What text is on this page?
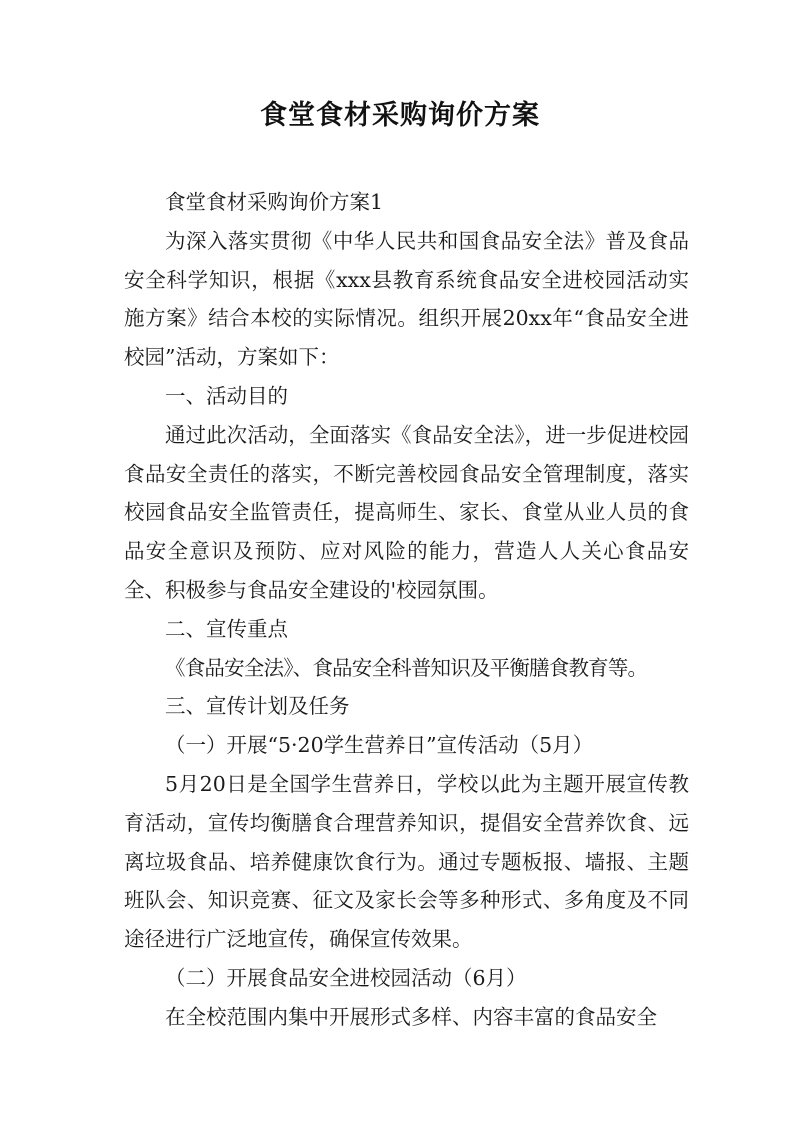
食堂食材采购询价方案

食堂食材采购询价方案1

为深入落实贯彻《中华人民共和国食品安全法》普及食品安全科学知识，根据《xxx县教育系统食品安全进校园活动实施方案》结合本校的实际情况。组织开展20xx年“食品安全进校园”活动，方案如下：

一、活动目的

通过此次活动，全面落实《食品安全法》，进一步促进校园食品安全责任的落实，不断完善校园食品安全管理制度，落实校园食品安全监管责任，提高师生、家长、食堂从业人员的食品安全意识及预防、应对风险的能力，营造人人关心食品安全、积极参与食品安全建设的'校园氛围。

二、宣传重点

《食品安全法》、食品安全科普知识及平衡膳食教育等。

三、宣传计划及任务

（一）开展“5·20学生营养日”宣传活动（5月）

5月20日是全国学生营养日，学校以此为主题开展宣传教育活动，宣传均衡膳食合理营养知识，提倡安全营养饮食、远离垃圾食品、培养健康饮食行为。通过专题板报、墙报、主题班队会、知识竞赛、征文及家长会等多种形式、多角度及不同途径进行广泛地宣传，确保宣传效果。

（二）开展食品安全进校园活动（6月）

在全校范围内集中开展形式多样、内容丰富的食品安全
